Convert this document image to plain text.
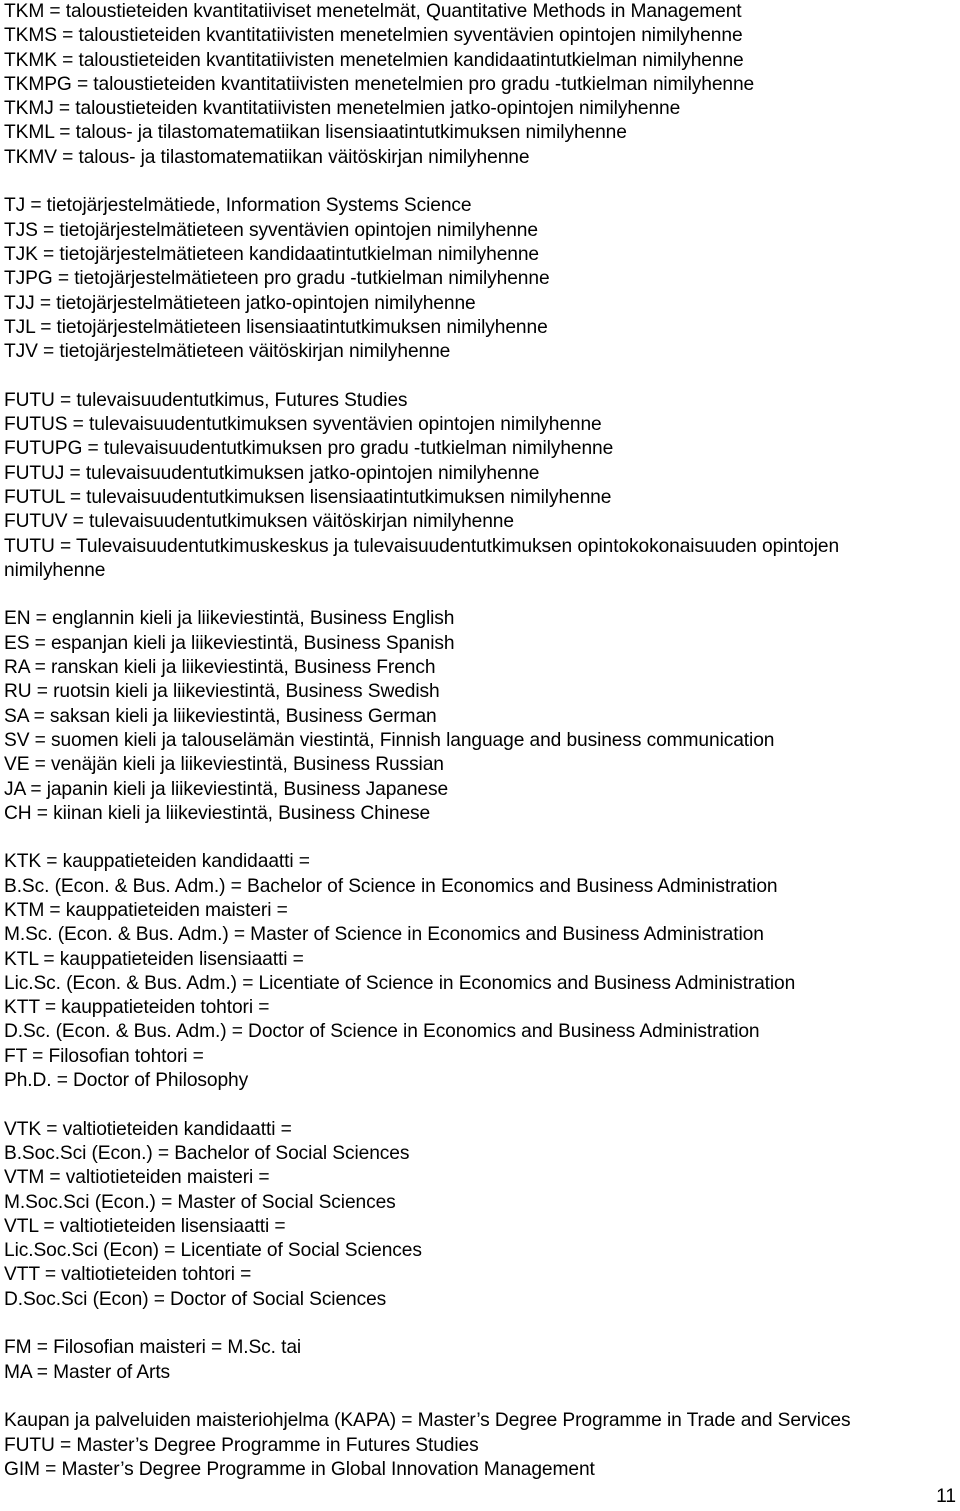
TKM = taloustieteiden kvantitatiiviset menetelmät, Quantitative Methods in Management
TKMS = taloustieteiden kvantitatiivisten menetelmien syventävien opintojen nimilyhenne
TKMK = taloustieteiden kvantitatiivisten menetelmien kandidaatintutkielman nimilyhenne
TKMPG = taloustieteiden kvantitatiivisten menetelmien pro gradu -tutkielman nimilyhenne
TKMJ = taloustieteiden kvantitatiivisten menetelmien jatko-opintojen nimilyhenne
TKML = talous- ja tilastomatematiikan lisensiaatintutkimuksen nimilyhenne
TKMV = talous- ja tilastomatematiikan väitöskirjan nimilyhenne
TJ = tietojärjestelmätiede, Information Systems Science
TJS = tietojärjestelmätieteen syventävien opintojen nimilyhenne
TJK = tietojärjestelmätieteen kandidaatintutkielman nimilyhenne
TJPG = tietojärjestelmätieteen pro gradu -tutkielman nimilyhenne
TJJ = tietojärjestelmätieteen jatko-opintojen nimilyhenne
TJL = tietojärjestelmätieteen lisensiaatintutkimuksen nimilyhenne
TJV = tietojärjestelmätieteen väitöskirjan nimilyhenne
FUTU = tulevaisuudentutkimus, Futures Studies
FUTUS = tulevaisuudentutkimuksen syventävien opintojen nimilyhenne
FUTUPG = tulevaisuudentutkimuksen pro gradu -tutkielman nimilyhenne
FUTUJ = tulevaisuudentutkimuksen jatko-opintojen nimilyhenne
FUTUL = tulevaisuudentutkimuksen lisensiaatintutkimuksen nimilyhenne
FUTUV = tulevaisuudentutkimuksen väitöskirjan nimilyhenne
TUTU = Tulevaisuudentutkimuskeskus ja tulevaisuudentutkimuksen opintokokonaisuuden opintojen
nimilyhenne
EN = englannin kieli ja liikeviestintä, Business English
ES = espanjan kieli ja liikeviestintä, Business Spanish
RA = ranskan kieli ja liikeviestintä, Business French
RU = ruotsin kieli ja liikeviestintä, Business Swedish
SA = saksan kieli ja liikeviestintä, Business German
SV = suomen kieli ja talouselämän viestintä, Finnish language and business communication
VE = venäjän kieli ja liikeviestintä, Business Russian
JA = japanin kieli ja liikeviestintä, Business Japanese
CH = kiinan kieli ja liikeviestintä, Business Chinese
KTK = kauppatieteiden kandidaatti =
B.Sc. (Econ. & Bus. Adm.) = Bachelor of Science in Economics and Business Administration
KTM = kauppatieteiden maisteri =
M.Sc. (Econ. & Bus. Adm.) = Master of Science in Economics and Business Administration
KTL = kauppatieteiden lisensiaatti =
Lic.Sc. (Econ. & Bus. Adm.) = Licentiate of Science in Economics and Business Administration
KTT = kauppatieteiden tohtori =
D.Sc. (Econ. & Bus. Adm.) = Doctor of Science in Economics and Business Administration
FT = Filosofian tohtori =
Ph.D. = Doctor of Philosophy
VTK = valtiotieteiden kandidaatti =
B.Soc.Sci (Econ.) = Bachelor of Social Sciences
VTM = valtiotieteiden maisteri =
M.Soc.Sci (Econ.) = Master of Social Sciences
VTL = valtiotieteiden lisensiaatti =
Lic.Soc.Sci (Econ) = Licentiate of Social Sciences
VTT = valtiotieteiden tohtori =
D.Soc.Sci (Econ) = Doctor of Social Sciences
FM = Filosofian maisteri = M.Sc. tai
MA = Master of Arts
Kaupan ja palveluiden maisteriohjelma (KAPA) = Master’s Degree Programme in Trade and Services
FUTU = Master’s Degree Programme in Futures Studies
GIM = Master’s Degree Programme in Global Innovation Management
11
